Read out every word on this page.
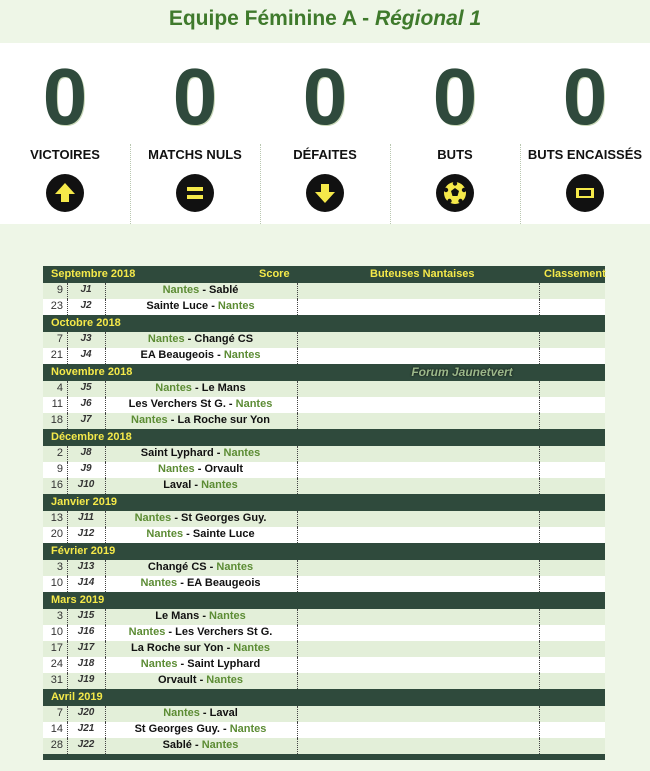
Equipe Féminine A - Régional 1
0
VICTOIRES
0
MATCHS NULS
0
DÉFAITES
0
BUTS
0
BUTS ENCAISSÉS
Septembre 2018	Score	Buteuses Nantaises	Classement
9	J1	Nantes - Sablé
23	J2	Sainte Luce - Nantes
Octobre 2018
7	J3	Nantes - Changé CS
21	J4	EA Beaugeois - Nantes
Novembre 2018	Forum Jaunetvert
4	J5	Nantes - Le Mans
11	J6	Les Verchers St G. - Nantes
18	J7	Nantes - La Roche sur Yon
Décembre 2018
2	J8	Saint Lyphard - Nantes
9	J9	Nantes - Orvault
16	J10	Laval - Nantes
Janvier 2019
13	J11	Nantes - St Georges Guy.
20	J12	Nantes - Sainte Luce
Février 2019
3	J13	Changé CS - Nantes
10	J14	Nantes - EA Beaugeois
Mars 2019
3	J15	Le Mans - Nantes
10	J16	Nantes - Les Verchers St G.
17	J17	La Roche sur Yon - Nantes
24	J18	Nantes - Saint Lyphard
31	J19	Orvault - Nantes
Avril 2019
7	J20	Nantes - Laval
14	J21	St Georges Guy. - Nantes
28	J22	Sablé - Nantes
